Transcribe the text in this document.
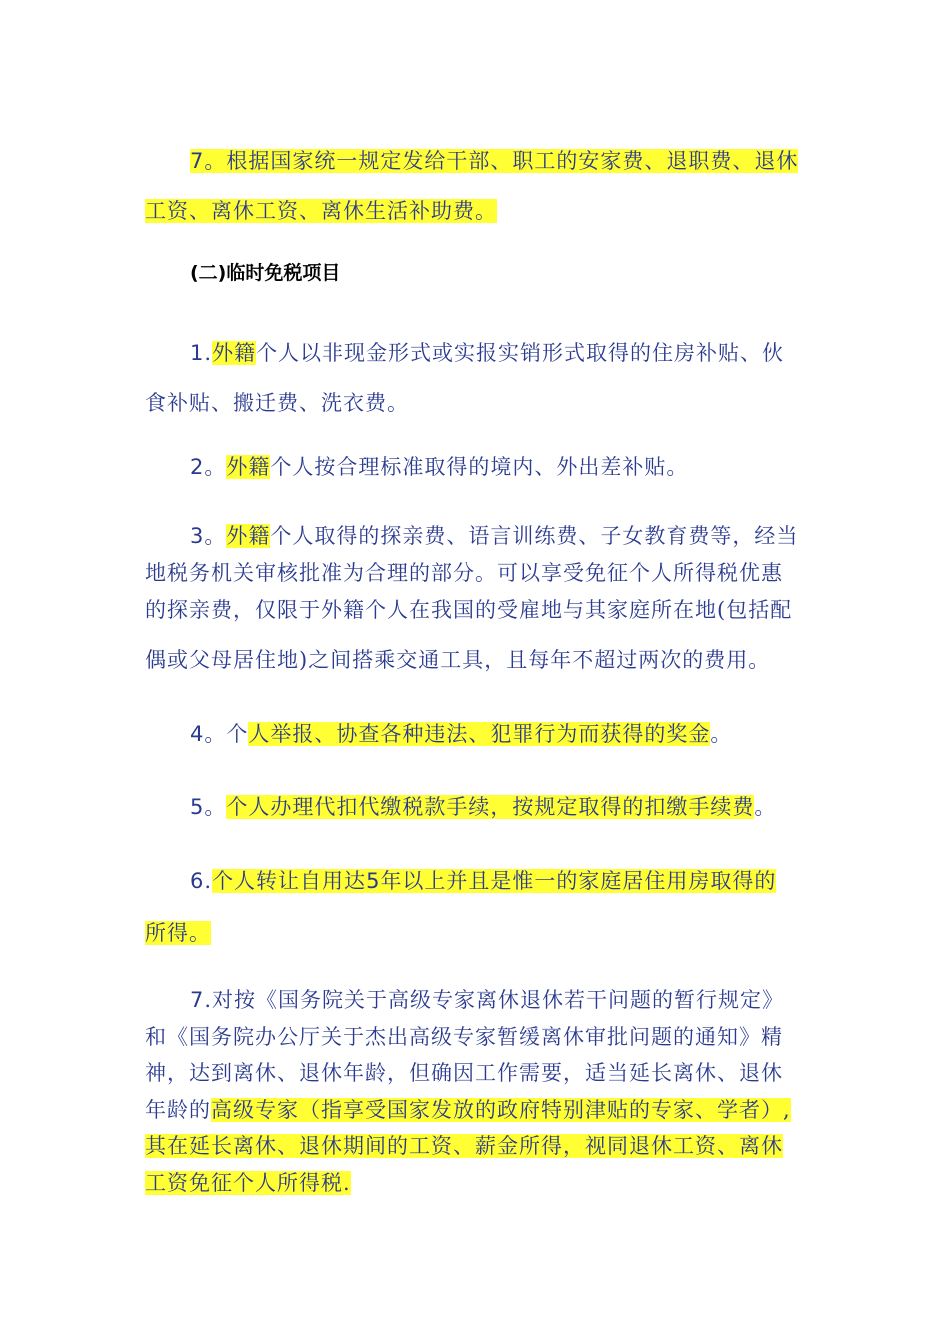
7。根据国家统一规定发给干部、职工的安家费、退职费、退休
工资、离休工资、离休生活补助费。
(二)临时免税项目
1.外籍个人以非现金形式或实报实销形式取得的住房补贴、伙
食补贴、搬迁费、洗衣费。
2。外籍个人按合理标准取得的境内、外出差补贴。
3。外籍个人取得的探亲费、语言训练费、子女教育费等，经当
地税务机关审核批准为合理的部分。可以享受免征个人所得税优惠
的探亲费，仅限于外籍个人在我国的受雇地与其家庭所在地(包括配
偶或父母居住地)之间搭乘交通工具，且每年不超过两次的费用。
4。个人举报、协查各种违法、犯罪行为而获得的奖金。
5。个人办理代扣代缴税款手续，按规定取得的扣缴手续费。
6.个人转让自用达5年以上并且是惟一的家庭居住用房取得的
所得。
7.对按《国务院关于高级专家离休退休若干问题的暂行规定》
和《国务院办公厅关于杰出高级专家暂缓离休审批问题的通知》精
神，达到离休、退休年龄，但确因工作需要，适当延长离休、退休
年龄的高级专家（指享受国家发放的政府特别津贴的专家、学者）,
其在延长离休、退休期间的工资、薪金所得，视同退休工资、离休
工资免征个人所得税.
